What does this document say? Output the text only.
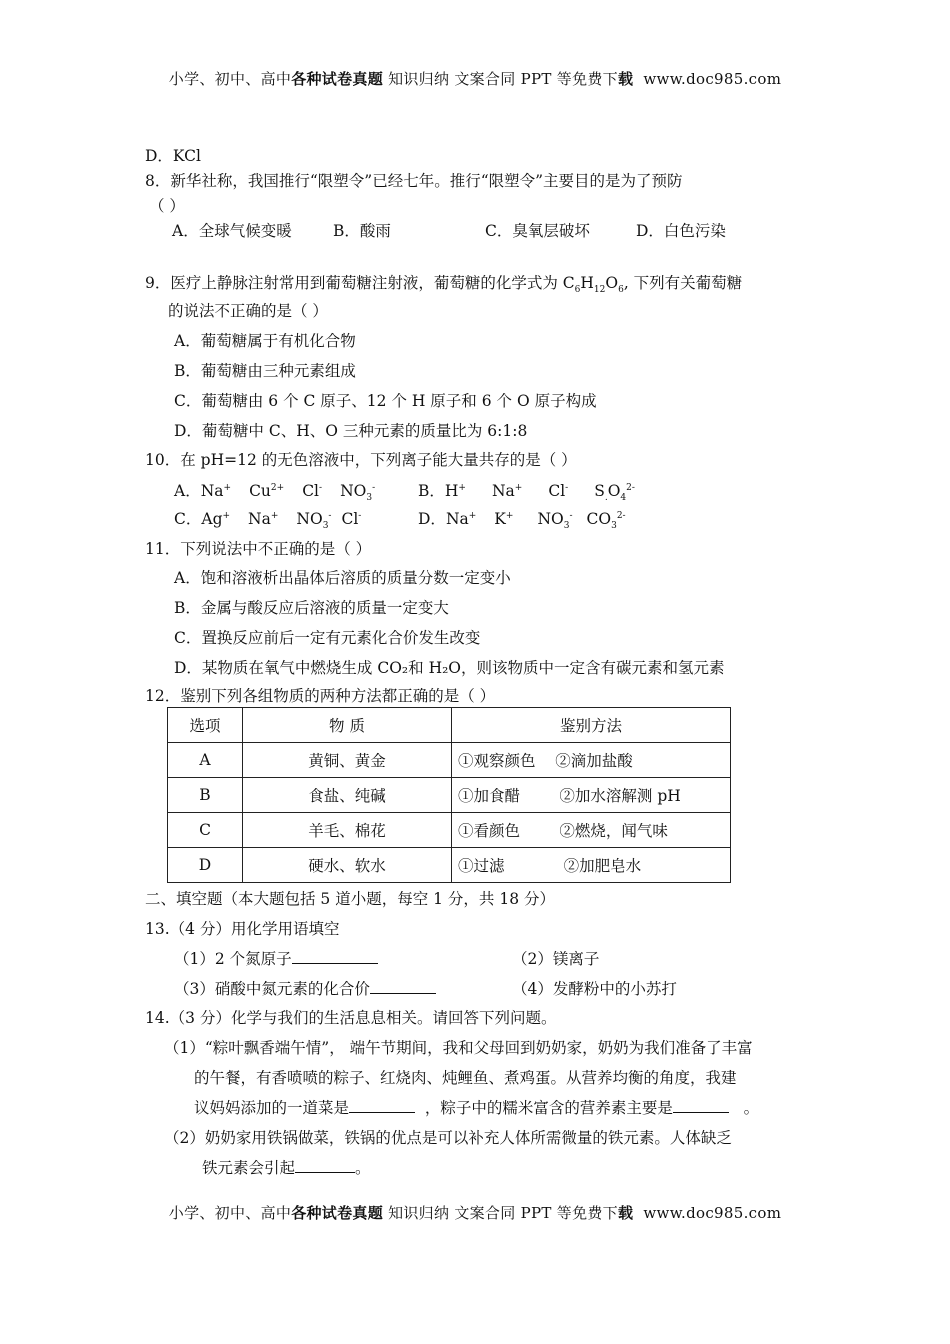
小学、初中、高中各种试卷真题 知识归纳 文案合同 PPT 等免费下载 www.doc985.com
D．KCl
8．新华社称，我国推行“限塑令”已经七年。推行“限塑令”主要目的是为了预防
（ ）
A．全球气候变暖	B．酸雨	C．臭氧层破坏	D．白色污染
9．医疗上静脉注射常用到葡萄糖注射液，葡萄糖的化学式为 $C_6H_{12}O_6$, 下列有关葡萄糖
的说法不正确的是（ ）
A．葡萄糖属于有机化合物
B．葡萄糖由三种元素组成
C．葡萄糖由 6 个 C 原子、12 个 H 原子和 6 个 O 原子构成
D．葡萄糖中 C、H、O 三种元素的质量比为 6:1:8
10．在 pH=12 的无色溶液中，下列离子能大量共存的是（ ）
A．Na+ $Cu^{2+}$ Cl- $NO_3^-$	B．H+ Na+ Cl- $S_.O_4^{2-}$
C．Ag+ Na+ $NO_3^-$ Cl-	D．Na+ K+ $NO_3^-$ $CO_3^{2-}$
11．下列说法中不正确的是（ ）
A．饱和溶液析出晶体后溶质的质量分数一定变小
B．金属与酸反应后溶液的质量一定变大
C．置换反应前后一定有元素化合价发生改变
D．某物质在氧气中燃烧生成 CO₂和 H₂O，则该物质中一定含有碳元素和氢元素
12．鉴别下列各组物质的两种方法都正确的是（ ）
选项	物 质	鉴别方法
A	黄铜、黄金	①观察颜色    ②滴加盐酸
B	食盐、纯碱	①加食醋        ②加水溶解测 pH
C	羊毛、棉花	①看颜色        ②燃烧，闻气味
D	硬水、软水	①过滤            ②加肥皂水
二、填空题（本大题包括 5 道小题，每空 1 分，共 18 分）
13.（4 分）用化学用语填空
（1）2 个氮原子	（2）镁离子
（3）硝酸中氮元素的化合价	（4）发酵粉中的小苏打
14.（3 分）化学与我们的生活息息相关。请回答下列问题。
（1）“粽叶飘香端午情”， 端午节期间，我和父母回到奶奶家，奶奶为我们准备了丰富
的午餐，有香喷喷的粽子、红烧肉、炖鲤鱼、煮鸡蛋。从营养均衡的角度，我建
议妈妈添加的一道菜是	，粽子中的糯米富含的营养素主要是	。
（2）奶奶家用铁锅做菜，铁锅的优点是可以补充人体所需微量的铁元素。人体缺乏
铁元素会引起	。
小学、初中、高中各种试卷真题 知识归纳 文案合同 PPT 等免费下载 www.doc985.com
